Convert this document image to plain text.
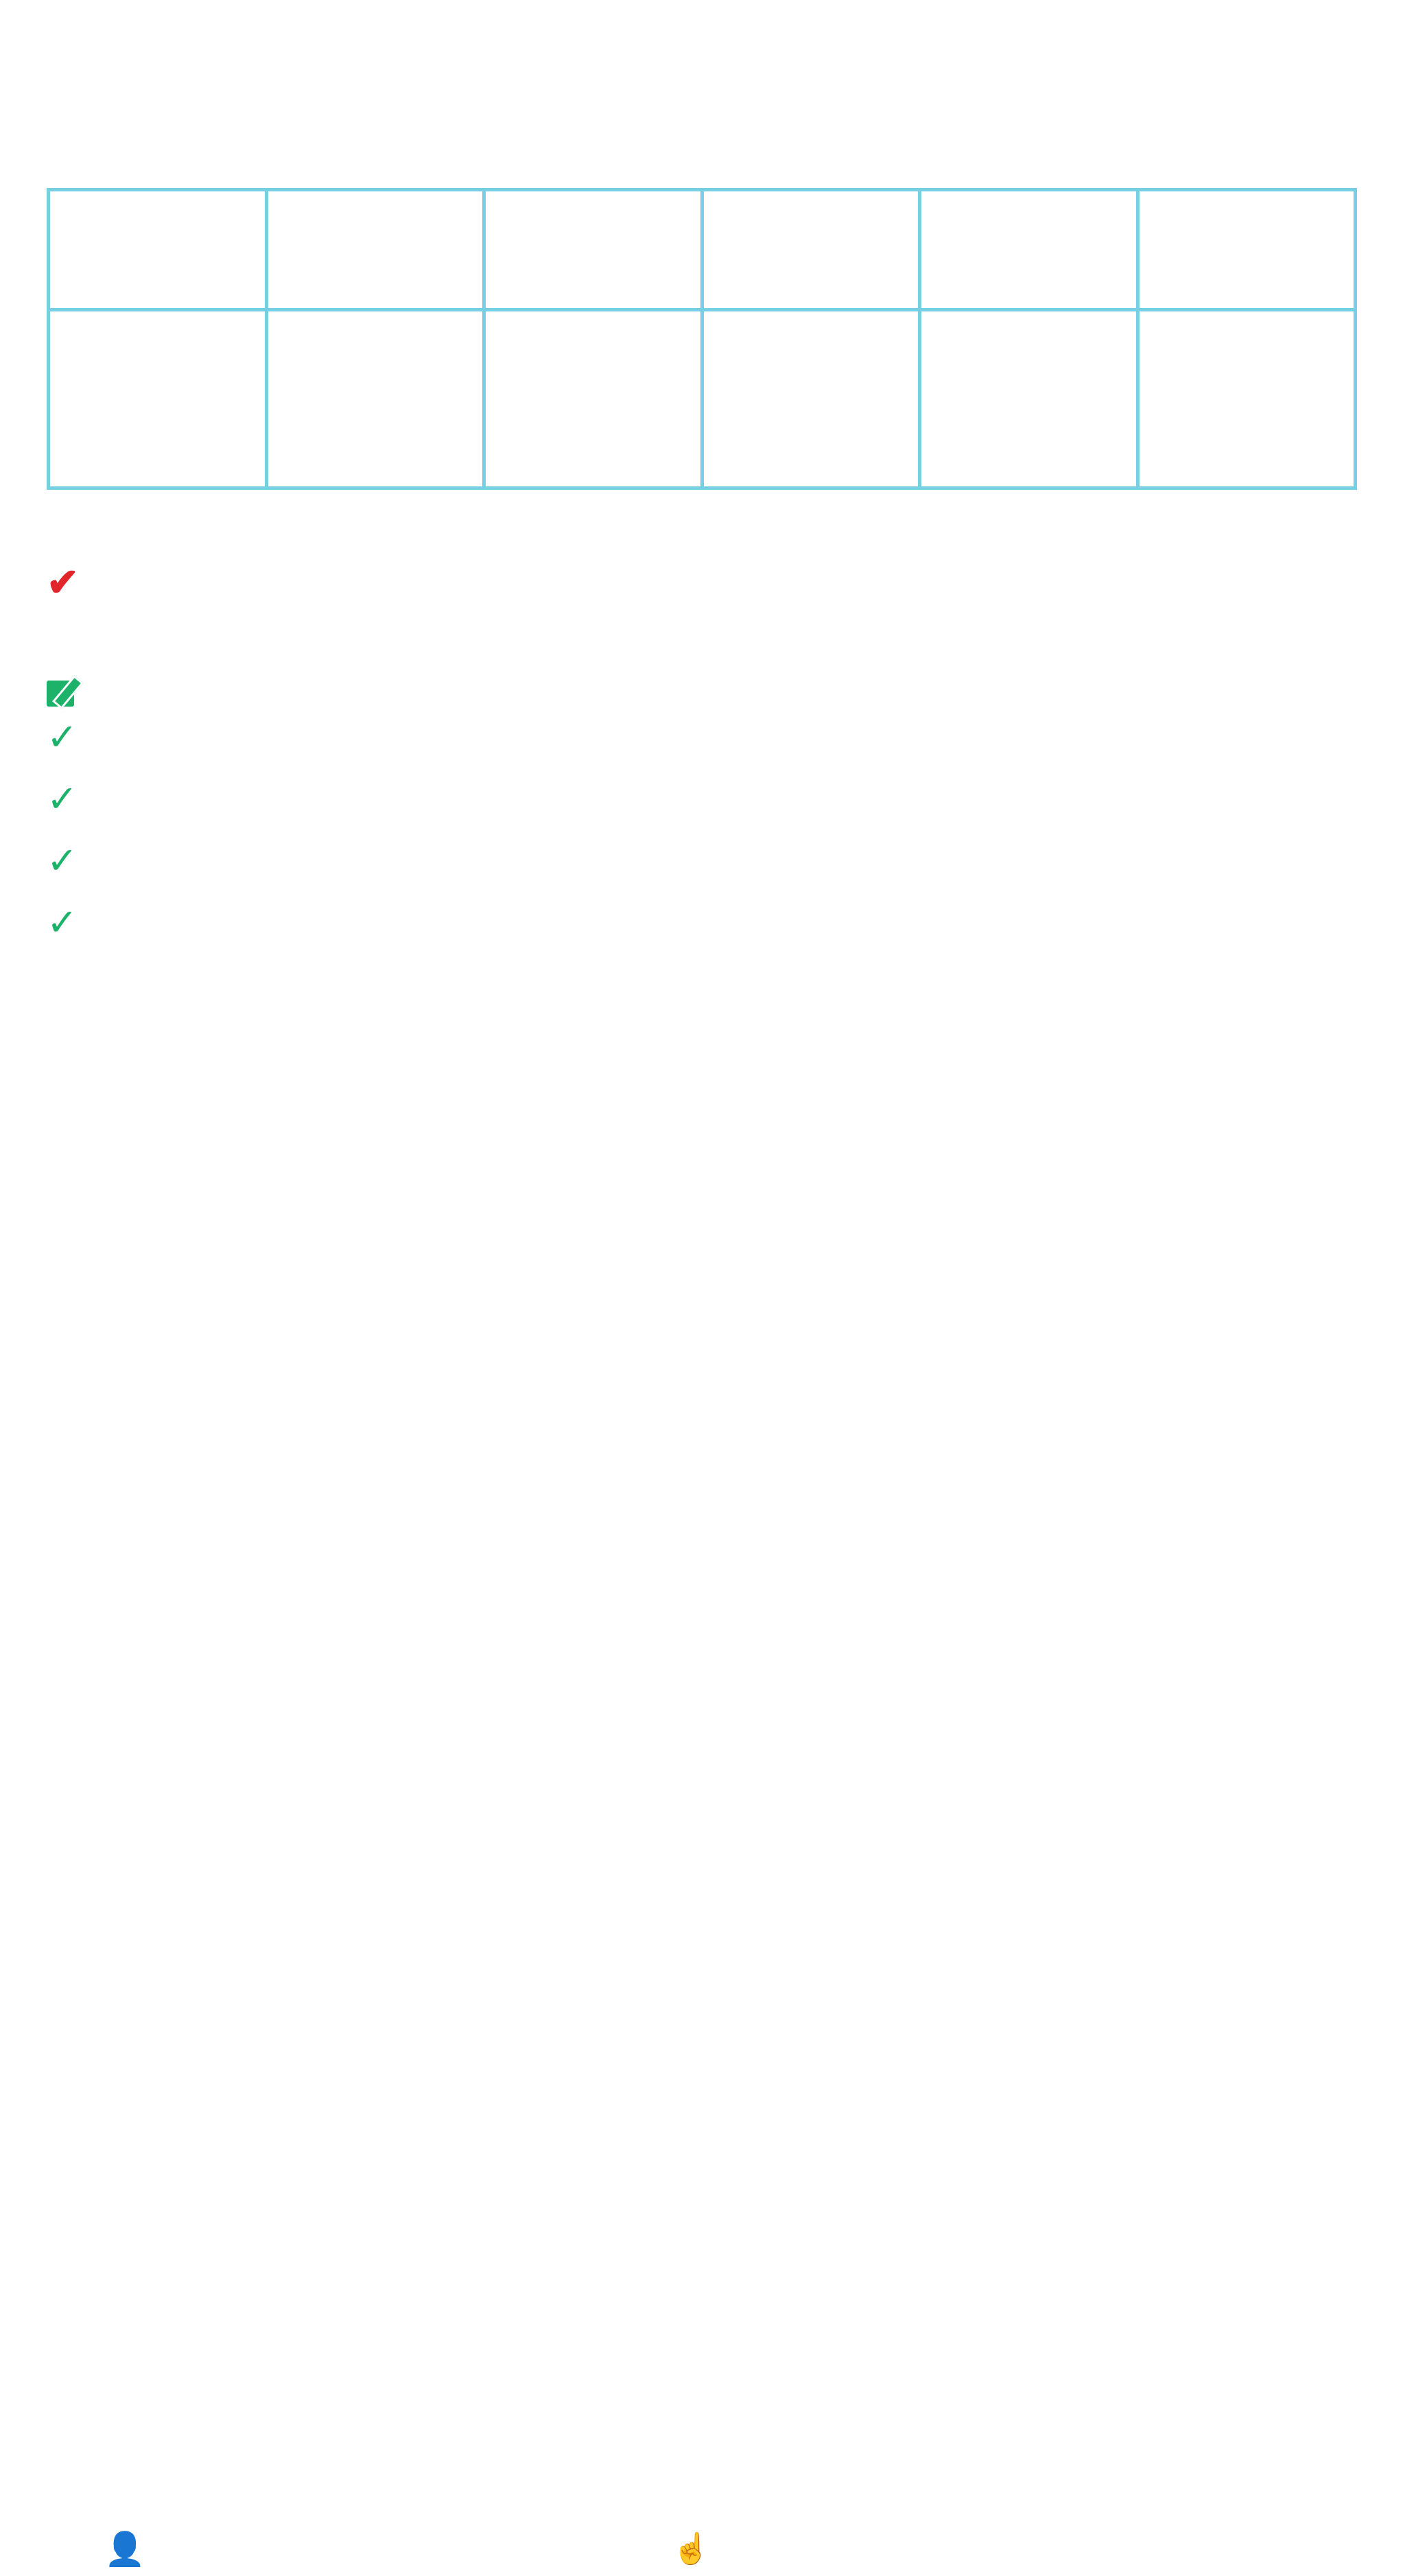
✔
✓
✓
✓
✓
👤	☝
